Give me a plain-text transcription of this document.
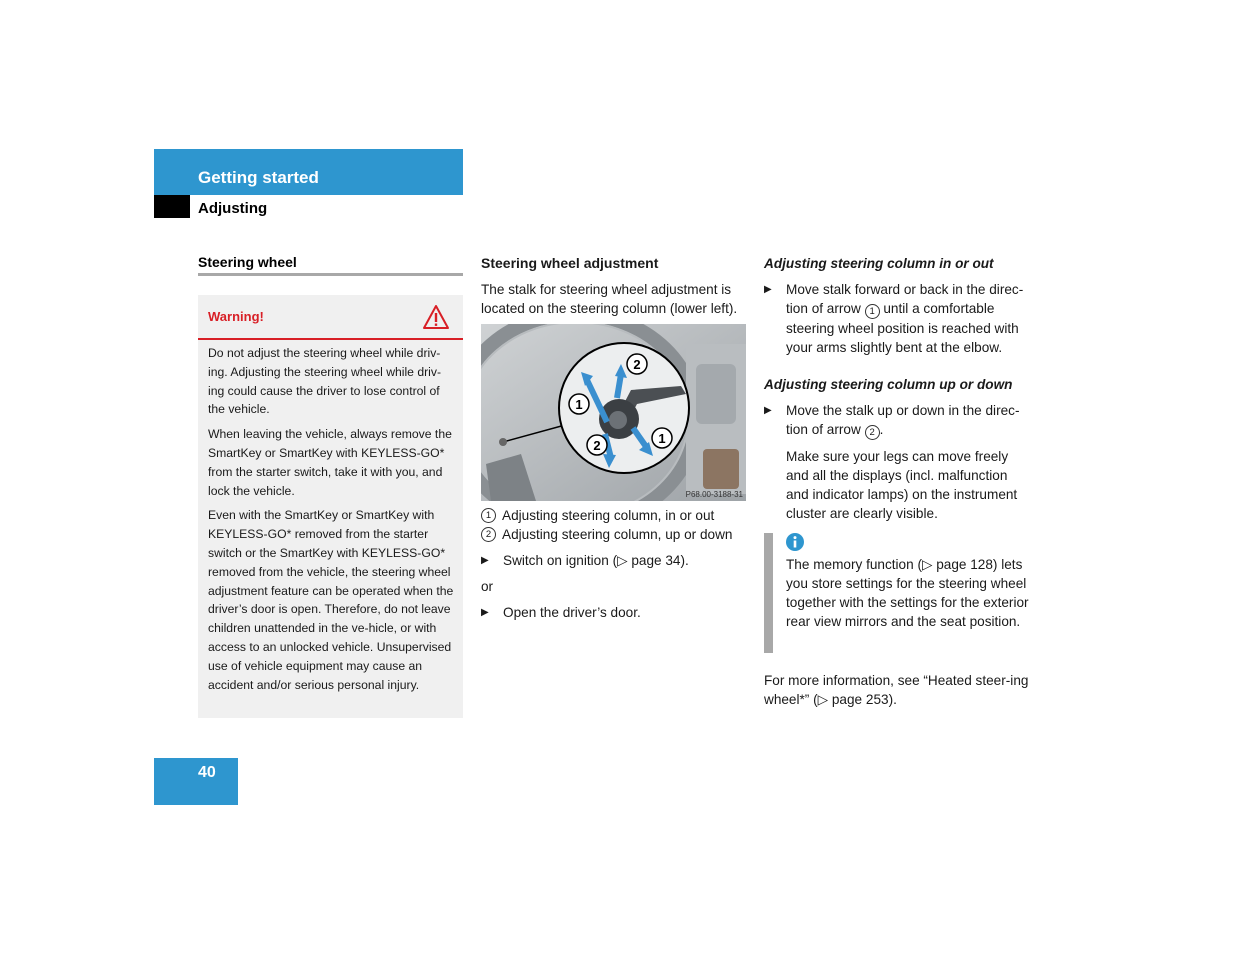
Getting started
Adjusting
Steering wheel
Warning!

Do not adjust the steering wheel while driv-ing. Adjusting the steering wheel while driv-ing could cause the driver to lose control of the vehicle.

When leaving the vehicle, always remove the SmartKey or SmartKey with KEYLESS-GO* from the starter switch, take it with you, and lock the vehicle.

Even with the SmartKey or SmartKey with KEYLESS-GO* removed from the starter switch or the SmartKey with KEYLESS-GO* removed from the vehicle, the steering wheel adjustment feature can be operated when the driver’s door is open. Therefore, do not leave children unattended in the ve-hicle, or with access to an unlocked vehicle. Unsupervised use of vehicle equipment may cause an accident and/or serious personal injury.

Steering wheel adjustment

The stalk for steering wheel adjustment is located on the steering column (lower left).

1
2
1
2
P68.00-3188-31
1 Adjusting steering column, in or out
2 Adjusting steering column, up or down
▶	Switch on ignition (▷ page 34).
or
▶	Open the driver’s door.
Adjusting steering column in or out
▶	Move stalk forward or back in the direc-tion of arrow 1 until a comfortable steering wheel position is reached with your arms slightly bent at the elbow.
Adjusting steering column up or down
▶	Move the stalk up or down in the direc-tion of arrow 2 .
Make sure your legs can move freely and all the displays (incl. malfunction and indicator lamps) on the instrument cluster are clearly visible.
The memory function (▷ page 128) lets you store settings for the steering wheel together with the settings for the exterior rear view mirrors and the seat position.
For more information, see “Heated steer-ing wheel*” (▷ page 253).
40
